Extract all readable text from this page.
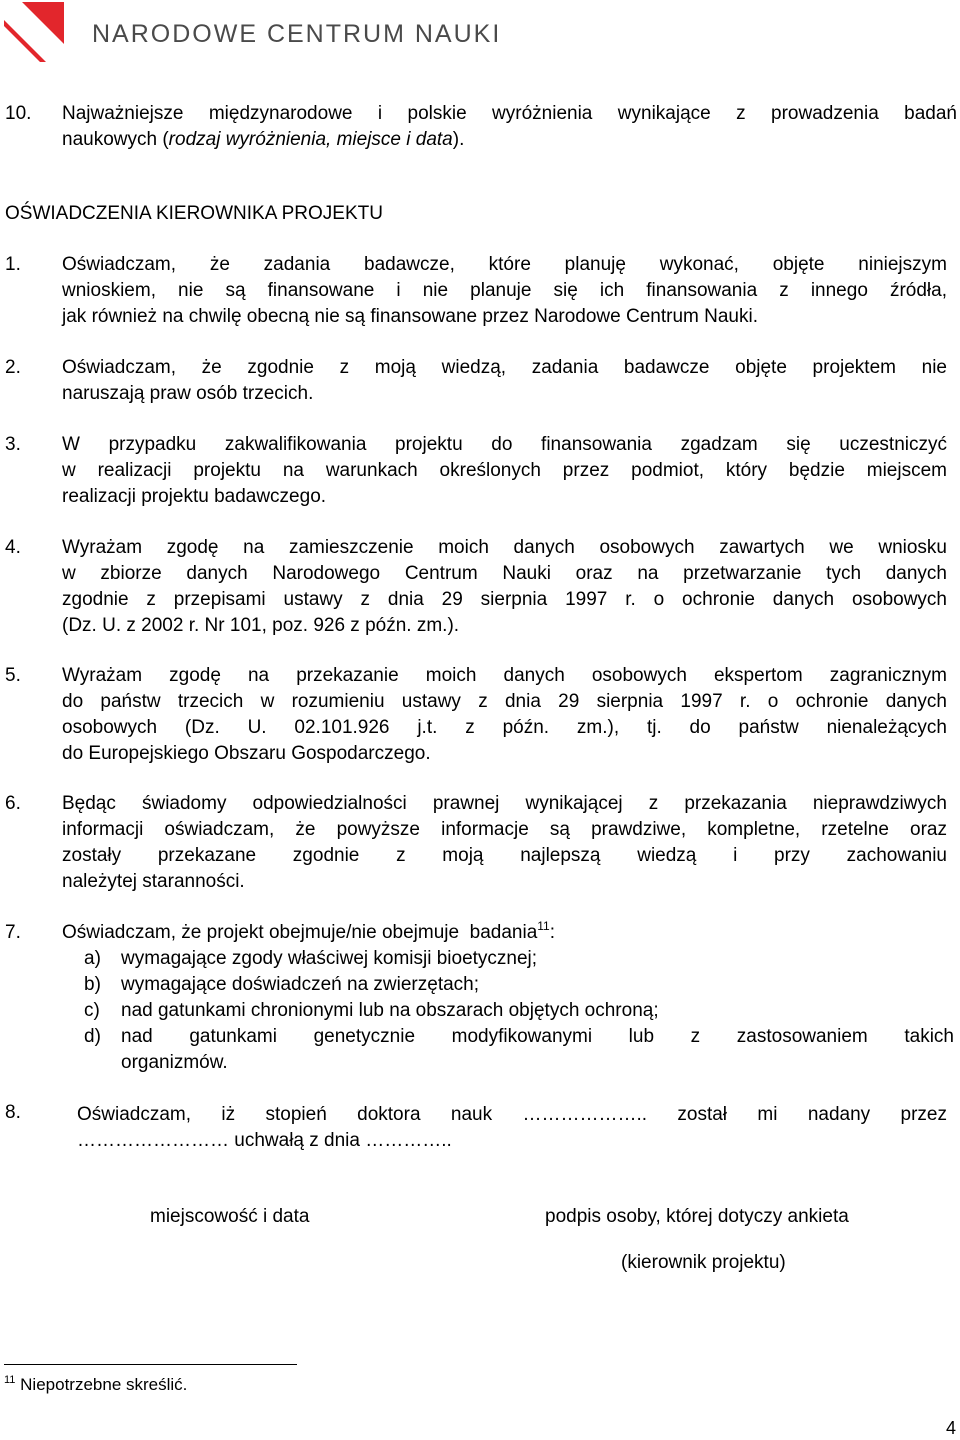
NARODOWE CENTRUM NAUKI
10. Najważniejsze międzynarodowe i polskie wyróżnienia wynikające z prowadzenia badań
naukowych (rodzaj wyróżnienia, miejsce i data).
OŚWIADCZENIA KIEROWNIKA PROJEKTU
1. Oświadczam, że zadania badawcze, które planuję wykonać, objęte niniejszym
wnioskiem, nie są finansowane i nie planuje się ich finansowania z innego źródła,
jak również na chwilę obecną nie są finansowane przez Narodowe Centrum Nauki.
2. Oświadczam, że zgodnie z moją wiedzą, zadania badawcze objęte projektem nie
naruszają praw osób trzecich.
3. W przypadku zakwalifikowania projektu do finansowania zgadzam się uczestniczyć
w realizacji projektu na warunkach określonych przez podmiot, który będzie miejscem
realizacji projektu badawczego.
4. Wyrażam zgodę na zamieszczenie moich danych osobowych zawartych we wniosku
w zbiorze danych Narodowego Centrum Nauki oraz na przetwarzanie tych danych
zgodnie z przepisami ustawy z dnia 29 sierpnia 1997 r. o ochronie danych osobowych
(Dz. U. z 2002 r. Nr 101, poz. 926 z późn. zm.).
5. Wyrażam zgodę na przekazanie moich danych osobowych ekspertom zagranicznym
do państw trzecich w rozumieniu ustawy z dnia 29 sierpnia 1997 r. o ochronie danych
osobowych (Dz. U. 02.101.926 j.t. z późn. zm.), tj. do państw nienależących
do Europejskiego Obszaru Gospodarczego.
6. Będąc świadomy odpowiedzialności prawnej wynikającej z przekazania nieprawdziwych
informacji oświadczam, że powyższe informacje są prawdziwe, kompletne, rzetelne oraz
zostały przekazane zgodnie z moją najlepszą wiedzą i przy zachowaniu
należytej staranności.
7. Oświadczam, że projekt obejmuje/nie obejmuje  badania$^{11}$:
a) wymagające zgody właściwej komisji bioetycznej;
b) wymagające doświadczeń na zwierzętach;
c) nad gatunkami chronionymi lub na obszarach objętych ochroną;
d) nad gatunkami genetycznie modyfikowanymi lub z zastosowaniem takich
organizmów.
8.	Oświadczam, iż stopień doktora nauk ……………….. został mi nadany przez
…………………… uchwałą z dnia …………..
miejscowość i data	podpis osoby, której dotyczy ankieta
(kierownik projektu)
$^{11}$ Niepotrzebne skreślić.
4
